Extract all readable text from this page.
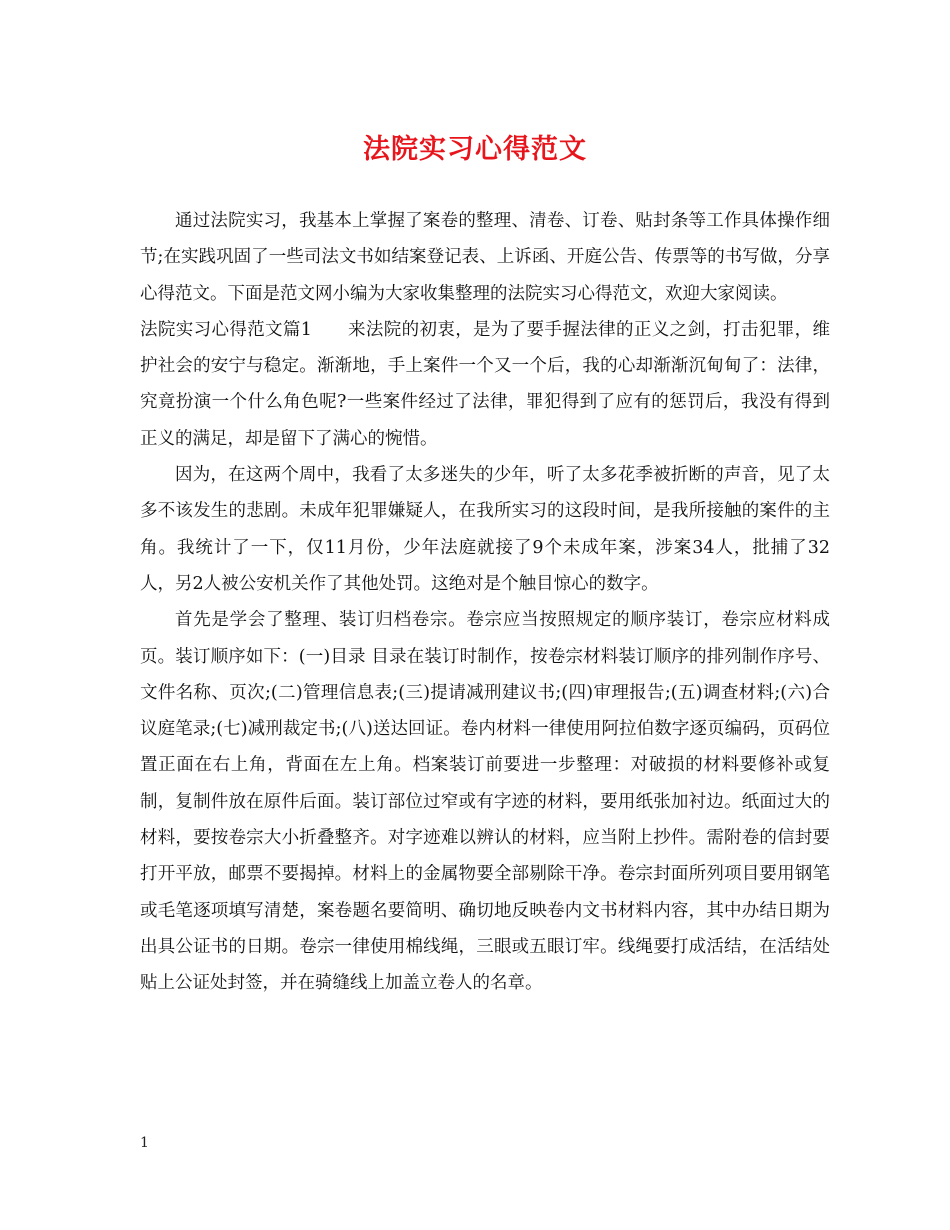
法院实习心得范文

通过法院实习，我基本上掌握了案卷的整理、清卷、订卷、贴封条等工作具体操作细节;在实践巩固了一些司法文书如结案登记表、上诉函、开庭公告、传票等的书写做，分享心得范文。下面是范文网小编为大家收集整理的法院实习心得范文，欢迎大家阅读。

法院实习心得范文篇1　　来法院的初衷，是为了要手握法律的正义之剑，打击犯罪，维护社会的安宁与稳定。渐渐地，手上案件一个又一个后，我的心却渐渐沉甸甸了：法律，究竟扮演一个什么角色呢?一些案件经过了法律，罪犯得到了应有的惩罚后，我没有得到正义的满足，却是留下了满心的惋惜。

因为，在这两个周中，我看了太多迷失的少年，听了太多花季被折断的声音，见了太多不该发生的悲剧。未成年犯罪嫌疑人，在我所实习的这段时间，是我所接触的案件的主角。我统计了一下，仅11月份，少年法庭就接了9个未成年案，涉案34人，批捕了32人，另2人被公安机关作了其他处罚。这绝对是个触目惊心的数字。

首先是学会了整理、装订归档卷宗。卷宗应当按照规定的顺序装订，卷宗应材料成页。装订顺序如下：(一)目录 目录在装订时制作，按卷宗材料装订顺序的排列制作序号、文件名称、页次;(二)管理信息表;(三)提请减刑建议书;(四)审理报告;(五)调查材料;(六)合议庭笔录;(七)减刑裁定书;(八)送达回证。卷内材料一律使用阿拉伯数字逐页编码，页码位置正面在右上角，背面在左上角。档案装订前要进一步整理：对破损的材料要修补或复制，复制件放在原件后面。装订部位过窄或有字迹的材料，要用纸张加衬边。纸面过大的材料，要按卷宗大小折叠整齐。对字迹难以辨认的材料，应当附上抄件。需附卷的信封要打开平放，邮票不要揭掉。材料上的金属物要全部剔除干净。卷宗封面所列项目要用钢笔或毛笔逐项填写清楚，案卷题名要简明、确切地反映卷内文书材料内容，其中办结日期为出具公证书的日期。卷宗一律使用棉线绳，三眼或五眼订牢。线绳要打成活结，在活结处贴上公证处封签，并在骑缝线上加盖立卷人的名章。

1
